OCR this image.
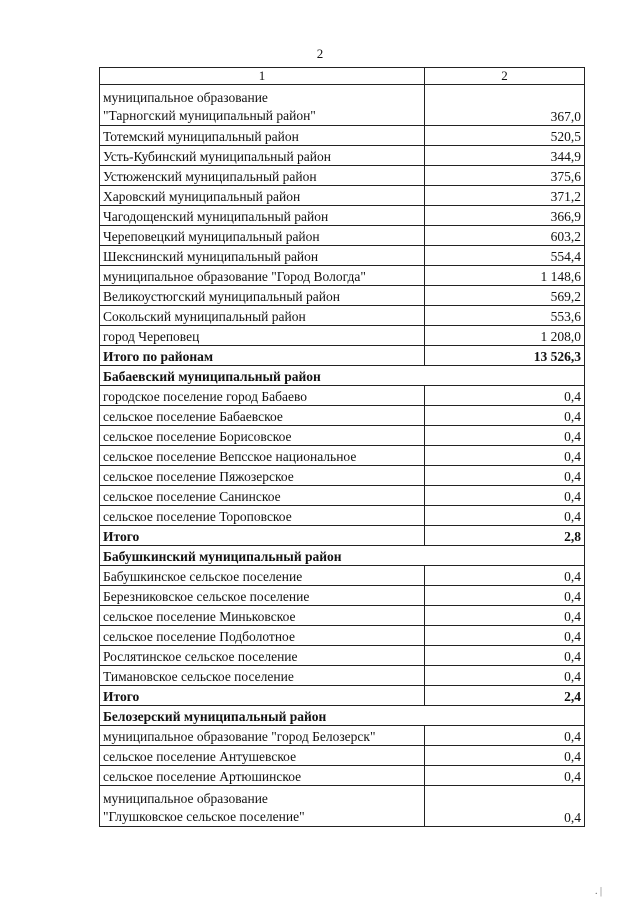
2
1	2

муниципальное образование
"Тарногский муниципальный район"	367,0
Тотемский муниципальный район	520,5
Усть-Кубинский муниципальный район	344,9
Устюженский муниципальный район	375,6
Харовский муниципальный район	371,2
Чагодощенский муниципальный район	366,9
Череповецкий муниципальный район	603,2
Шекснинский муниципальный район	554,4
муниципальное образование "Город Вологда"	1 148,6
Великоустюгский муниципальный район	569,2
Сокольский муниципальный район	553,6
город Череповец	1 208,0
Итого по районам	13 526,3
Бабаевский муниципальный район	
городское поселение город Бабаево	0,4
сельское поселение Бабаевское	0,4
сельское поселение Борисовское	0,4
сельское поселение Вепсское национальное	0,4
сельское поселение Пяжозерское	0,4
сельское поселение Санинское	0,4
сельское поселение Тороповское	0,4
Итого	2,8
Бабушкинский муниципальный район	
Бабушкинское сельское поселение	0,4
Березниковское сельское поселение	0,4
сельское поселение Миньковское	0,4
сельское поселение Подболотное	0,4
Рослятинское сельское поселение	0,4
Тимановское сельское поселение	0,4
Итого	2,4
Белозерский муниципальный район	
муниципальное образование "город Белозерск"	0,4
сельское поселение Антушевское	0,4
сельское поселение Артюшинское	0,4

муниципальное образование
"Глушковское сельское поселение"	0,4
. |
